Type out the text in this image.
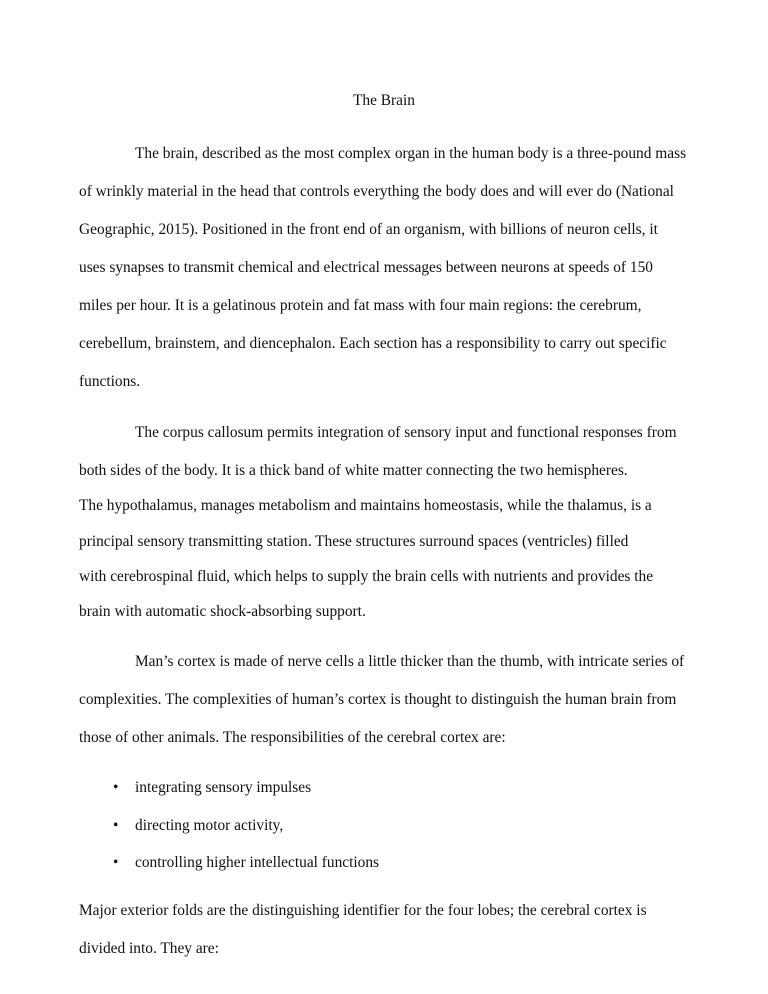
The Brain
The brain, described as the most complex organ in the human body is a three-pound mass
of wrinkly material in the head that controls everything the body does and will ever do (National
Geographic, 2015). Positioned in the front end of an organism, with billions of neuron cells, it
uses synapses to transmit chemical and electrical messages between neurons at speeds of 150
miles per hour. It is a gelatinous protein and fat mass with four main regions: the cerebrum,
cerebellum, brainstem, and diencephalon. Each section has a responsibility to carry out specific
functions.
The corpus callosum permits integration of sensory input and functional responses from
both sides of the body. It is a thick band of white matter connecting the two hemispheres.
The hypothalamus, manages metabolism and maintains homeostasis, while the thalamus, is a
principal sensory transmitting station. These structures surround spaces (ventricles) filled
with cerebrospinal fluid, which helps to supply the brain cells with nutrients and provides the
brain with automatic shock-absorbing support.
Man’s cortex is made of nerve cells a little thicker than the thumb, with intricate series of
complexities. The complexities of human’s cortex is thought to distinguish the human brain from
those of other animals. The responsibilities of the cerebral cortex are:
• integrating sensory impulses
• directing motor activity,
• controlling higher intellectual functions
Major exterior folds are the distinguishing identifier for the four lobes; the cerebral cortex is
divided into. They are:
